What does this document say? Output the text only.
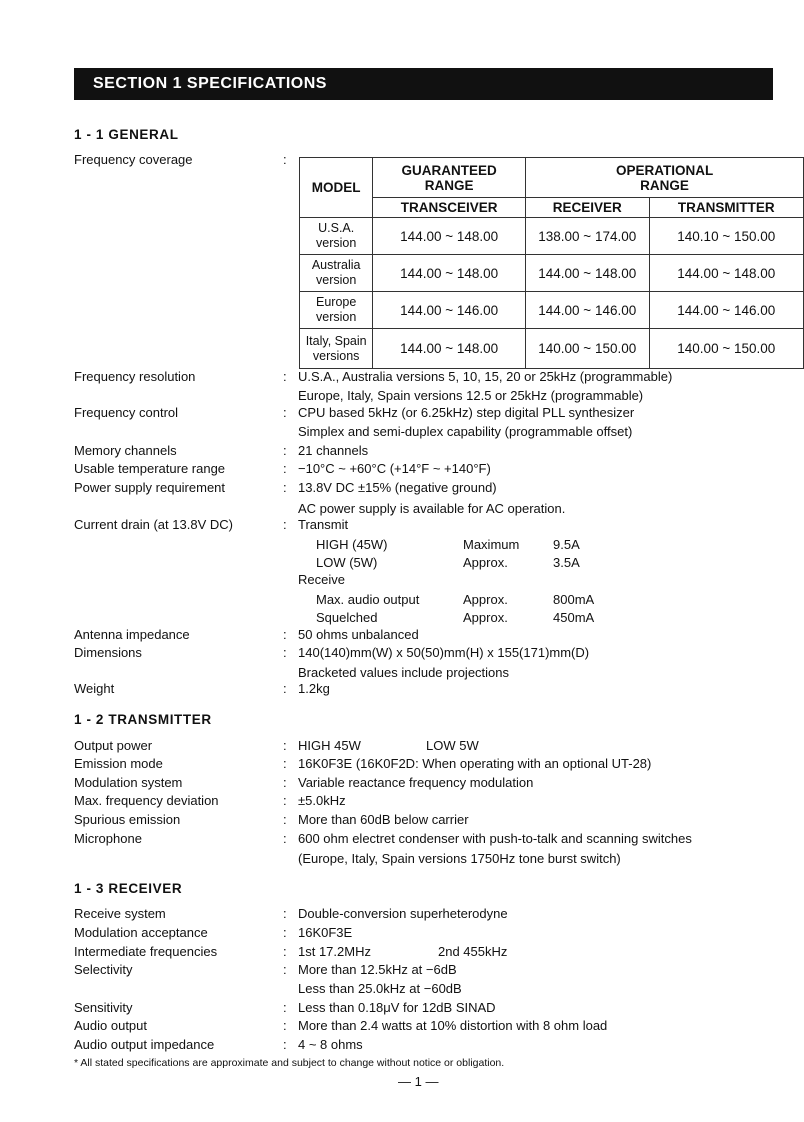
SECTION 1 SPECIFICATIONS
1 - 1 GENERAL
Frequency coverage	:
MODEL	GUARANTEED RANGE	OPERATIONAL RANGE	
	TRANSCEIVER	RECEIVER	TRANSMITTER

U.S.A.
version	144.00 ~ 148.00	138.00 ~ 174.00	140.10 ~ 150.00

Australia
version	144.00 ~ 148.00	144.00 ~ 148.00	144.00 ~ 148.00

Europe
version	144.00 ~ 146.00	144.00 ~ 146.00	144.00 ~ 146.00

Italy, Spain
versions	144.00 ~ 148.00	140.00 ~ 150.00	140.00 ~ 150.00
Frequency resolution	: U.S.A., Australia versions 5, 10, 15, 20 or 25kHz (programmable)
Europe, Italy, Spain versions 12.5 or 25kHz (programmable)
Frequency control	: CPU based 5kHz (or 6.25kHz) step digital PLL synthesizer
Simplex and semi-duplex capability (programmable offset)
Memory channels	: 21 channels
Usable temperature range	: −10°C ~ +60°C (+14°F ~ +140°F)
Power supply requirement	: 13.8V DC ±15% (negative ground)
AC power supply is available for AC operation.
Current drain (at 13.8V DC)	: Transmit
HIGH (45W)	Maximum	9.5A
LOW (5W)	Approx.	3.5A
Receive
Max. audio output	Approx.	800mA
Squelched	Approx.	450mA
Antenna impedance	: 50 ohms unbalanced
Dimensions	: 140(140)mm(W) x 50(50)mm(H) x 155(171)mm(D)
Bracketed values include projections
Weight	: 1.2kg
1 - 2 TRANSMITTER
Output power	: HIGH 45W	LOW 5W
Emission mode	: 16K0F3E (16K0F2D: When operating with an optional UT-28)
Modulation system	: Variable reactance frequency modulation
Max. frequency deviation	: ±5.0kHz
Spurious emission	: More than 60dB below carrier
Microphone	: 600 ohm electret condenser with push-to-talk and scanning switches
(Europe, Italy, Spain versions 1750Hz tone burst switch)
1 - 3 RECEIVER
Receive system	: Double-conversion superheterodyne
Modulation acceptance	: 16K0F3E
Intermediate frequencies	: 1st 17.2MHz	2nd 455kHz
Selectivity	: More than 12.5kHz at −6dB
Less than 25.0kHz at −60dB
Sensitivity	: Less than 0.18μV for 12dB SINAD
Audio output	: More than 2.4 watts at 10% distortion with 8 ohm load
Audio output impedance	: 4 ~ 8 ohms
* All stated specifications are approximate and subject to change without notice or obligation.
— 1 —
